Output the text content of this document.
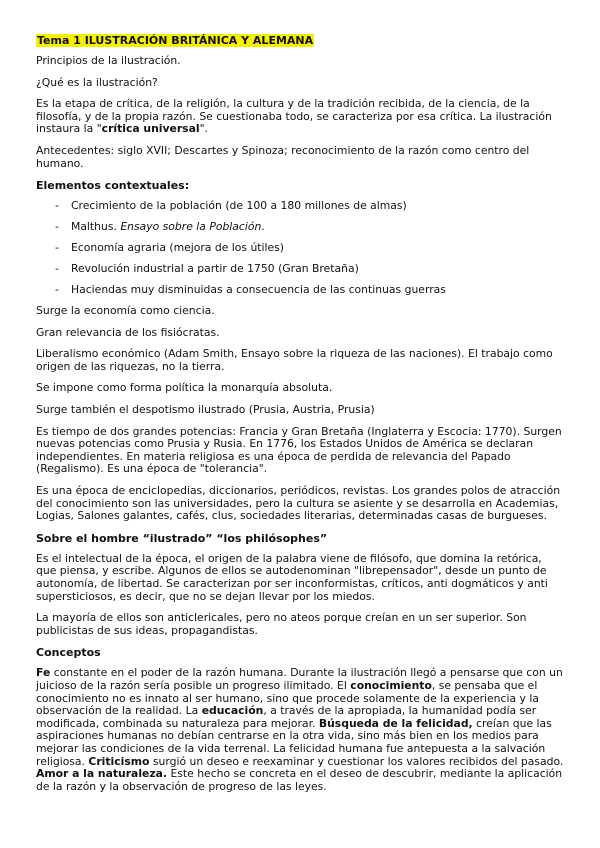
Tema 1 ILUSTRACIÓN BRITÁNICA Y ALEMANA

Principios de la ilustración.

¿Qué es la ilustración?

Es la etapa de crítica, de la religión, la cultura y de la tradición recibida, de la ciencia, de la filosofía, y de la propia razón. Se cuestionaba todo, se caracteriza por esa crítica. La ilustración instaura la "crítica universal".

Antecedentes: siglo XVII; Descartes y Spinoza; reconocimiento de la razón como centro del humano.

Elementos contextuales:
- Crecimiento de la población (de 100 a 180 millones de almas)
- Malthus. Ensayo sobre la Población.
- Economía agraria (mejora de los útiles)
- Revolución industrial a partir de 1750 (Gran Bretaña)
- Haciendas muy disminuidas a consecuencia de las continuas guerras

Surge la economía como ciencia.

Gran relevancia de los fisiócratas.

Liberalismo económico (Adam Smith, Ensayo sobre la riqueza de las naciones). El trabajo como origen de las riquezas, no la tierra.

Se impone como forma política la monarquía absoluta.

Surge también el despotismo ilustrado (Prusia, Austria, Prusia)

Es tiempo de dos grandes potencias: Francia y Gran Bretaña (Inglaterra y Escocia: 1770). Surgen nuevas potencias como Prusia y Rusia. En 1776, los Estados Unidos de América se declaran independientes. En materia religiosa es una época de perdida de relevancia del Papado (Regalismo). Es una época de "tolerancia".

Es una época de enciclopedias, diccionarios, periódicos, revistas. Los grandes polos de atracción del conocimiento son las universidades, pero la cultura se asiente y se desarrolla en Academias, Logias, Salones galantes, cafés, clus, sociedades literarias, determinadas casas de burgueses.

Sobre el hombre “ilustrado” “los philósophes”

Es el intelectual de la época, el origen de la palabra viene de filósofo, que domina la retórica, que piensa, y escribe. Algunos de ellos se autodenominan "librepensador", desde un punto de autonomía, de libertad. Se caracterizan por ser inconformistas, críticos, anti dogmáticos y anti supersticiosos, es decir, que no se dejan llevar por los miedos.

La mayoría de ellos son anticlericales, pero no ateos porque creían en un ser superior. Son publicistas de sus ideas, propagandistas.

Conceptos

Fe constante en el poder de la razón humana. Durante la ilustración llegó a pensarse que con un juicioso de la razón sería posible un progreso ilimitado. El conocimiento, se pensaba que el conocimiento no es innato al ser humano, sino que procede solamente de la experiencia y la observación de la realidad. La educación, a través de la apropiada, la humanidad podía ser modificada, combinada su naturaleza para mejorar. Búsqueda de la felicidad, creían que las aspiraciones humanas no debían centrarse en la otra vida, sino más bien en los medios para mejorar las condiciones de la vida terrenal. La felicidad humana fue antepuesta a la salvación religiosa. Criticismo surgió un deseo e reexaminar y cuestionar los valores recibidos del pasado. Amor a la naturaleza. Este hecho se concreta en el deseo de descubrir, mediante la aplicación de la razón y la observación de progreso de las leyes.
